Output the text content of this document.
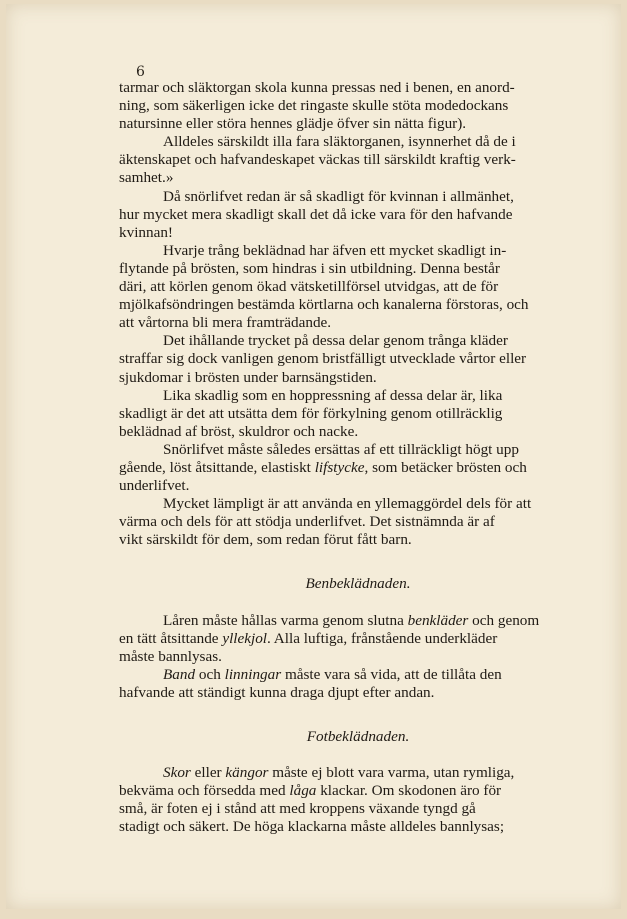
6
tarmar och släktorgan skola kunna pressas ned i benen, en anord-
ning, som säkerligen icke det ringaste skulle stöta modedockans
natursinne eller störa hennes glädje öfver sin nätta figur).
Alldeles särskildt illa fara släktorganen, isynnerhet då de i
äktenskapet och hafvandeskapet väckas till särskildt kraftig verk-
samhet.»
Då snörlifvet redan är så skadligt för kvinnan i allmänhet,
hur mycket mera skadligt skall det då icke vara för den hafvande
kvinnan!
Hvarje trång beklädnad har äfven ett mycket skadligt in-
flytande på brösten, som hindras i sin utbildning. Denna består
däri, att körlen genom ökad vätsketillförsel utvidgas, att de för
mjölkafsöndringen bestämda körtlarna och kanalerna förstoras, och
att vårtorna bli mera framträdande.
Det ihållande trycket på dessa delar genom trånga kläder
straffar sig dock vanligen genom bristfälligt utvecklade vårtor eller
sjukdomar i brösten under barnsängstiden.
Lika skadlig som en hoppressning af dessa delar är, lika
skadligt är det att utsätta dem för förkylning genom otillräcklig
beklädnad af bröst, skuldror och nacke.
Snörlifvet måste således ersättas af ett tillräckligt högt upp
gående, löst åtsittande, elastiskt lifstycke, som betäcker brösten och
underlifvet.
Mycket lämpligt är att använda en yllemaggördel dels för att
värma och dels för att stödja underlifvet. Det sistnämnda är af
vikt särskildt för dem, som redan förut fått barn.
Benbeklädnaden.
Låren måste hållas varma genom slutna benkläder och genom
en tätt åtsittande yllekjol . Alla luftiga, frånstående underkläder
måste bannlysas.
Band och linningar måste vara så vida, att de tillåta den
hafvande att ständigt kunna draga djupt efter andan.
Fotbeklädnaden.
Skor eller kängor måste ej blott vara varma, utan rymliga,
bekväma och försedda med låga klackar. Om skodonen äro för
små, är foten ej i stånd att med kroppens växande tyngd gå
stadigt och säkert. De höga klackarna måste alldeles bannlysas;
